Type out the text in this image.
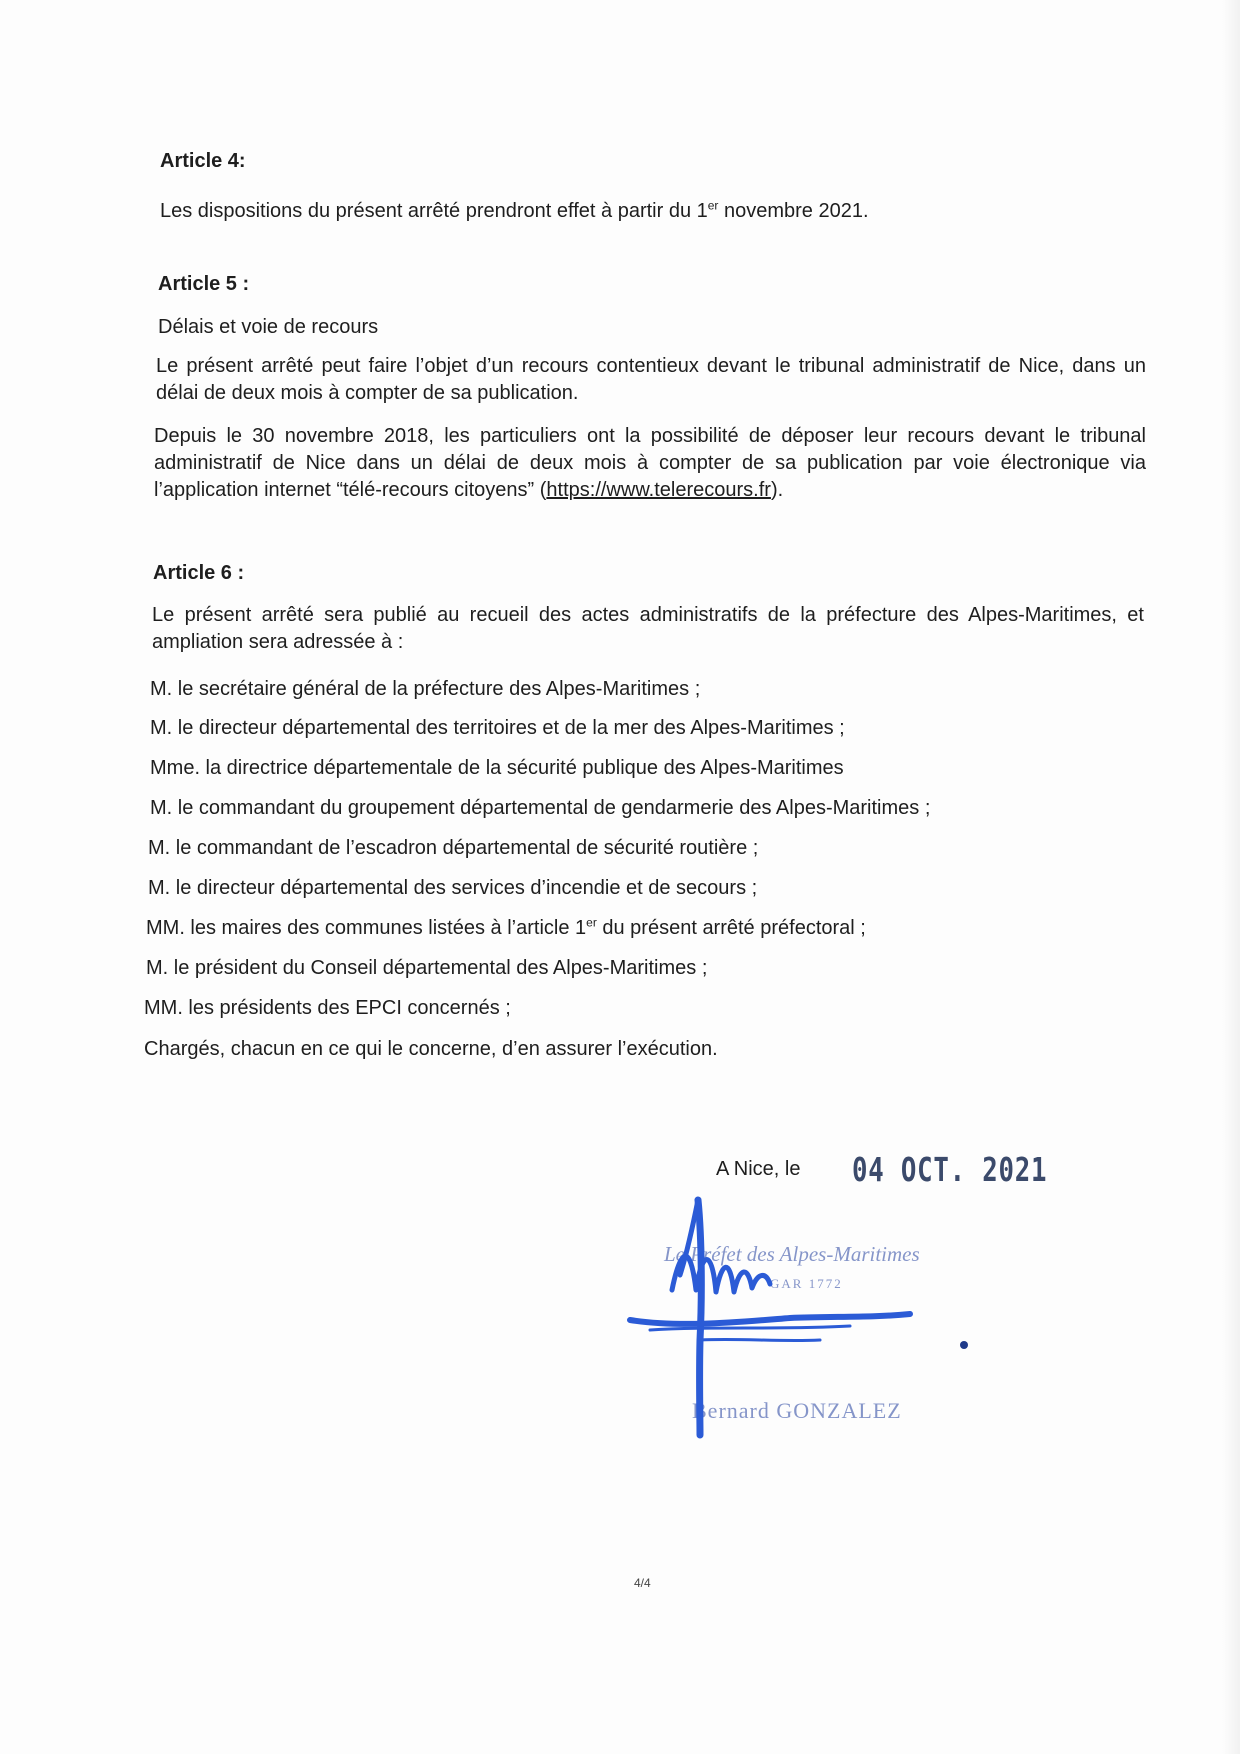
Article 4:
Les dispositions du présent arrêté prendront effet à partir du 1er novembre 2021.
Article 5 :
Délais et voie de recours
Le présent arrêté peut faire l’objet d’un recours contentieux devant le tribunal administratif de Nice, dans un délai de deux mois à compter de sa publication.
Depuis le 30 novembre 2018, les particuliers ont la possibilité de déposer leur recours devant le tribunal administratif de Nice dans un délai de deux mois à compter de sa publication par voie électronique via l’application internet “télé-recours citoyens” (https://www.telerecours.fr).
Article 6 :
Le présent arrêté sera publié au recueil des actes administratifs de la préfecture des Alpes-Maritimes, et ampliation sera adressée à :
M. le secrétaire général de la préfecture des Alpes-Maritimes ;
M. le directeur départemental des territoires et de la mer des Alpes-Maritimes ;
Mme. la directrice départementale de la sécurité publique des Alpes-Maritimes
M. le commandant du groupement départemental de gendarmerie des Alpes-Maritimes ;
M. le commandant de l’escadron départemental de sécurité routière ;
M. le directeur départemental des services d’incendie et de secours ;
MM. les maires des communes listées à l’article 1er du présent arrêté préfectoral ;
M. le président du Conseil départemental des Alpes-Maritimes ;
MM. les présidents des EPCI concernés ;
Chargés, chacun en ce qui le concerne, d’en assurer l’exécution.
A Nice, le 04 OCT. 2021
Le Préfet des Alpes-Maritimes
GAR 1772
Bernard GONZALEZ
4/4
